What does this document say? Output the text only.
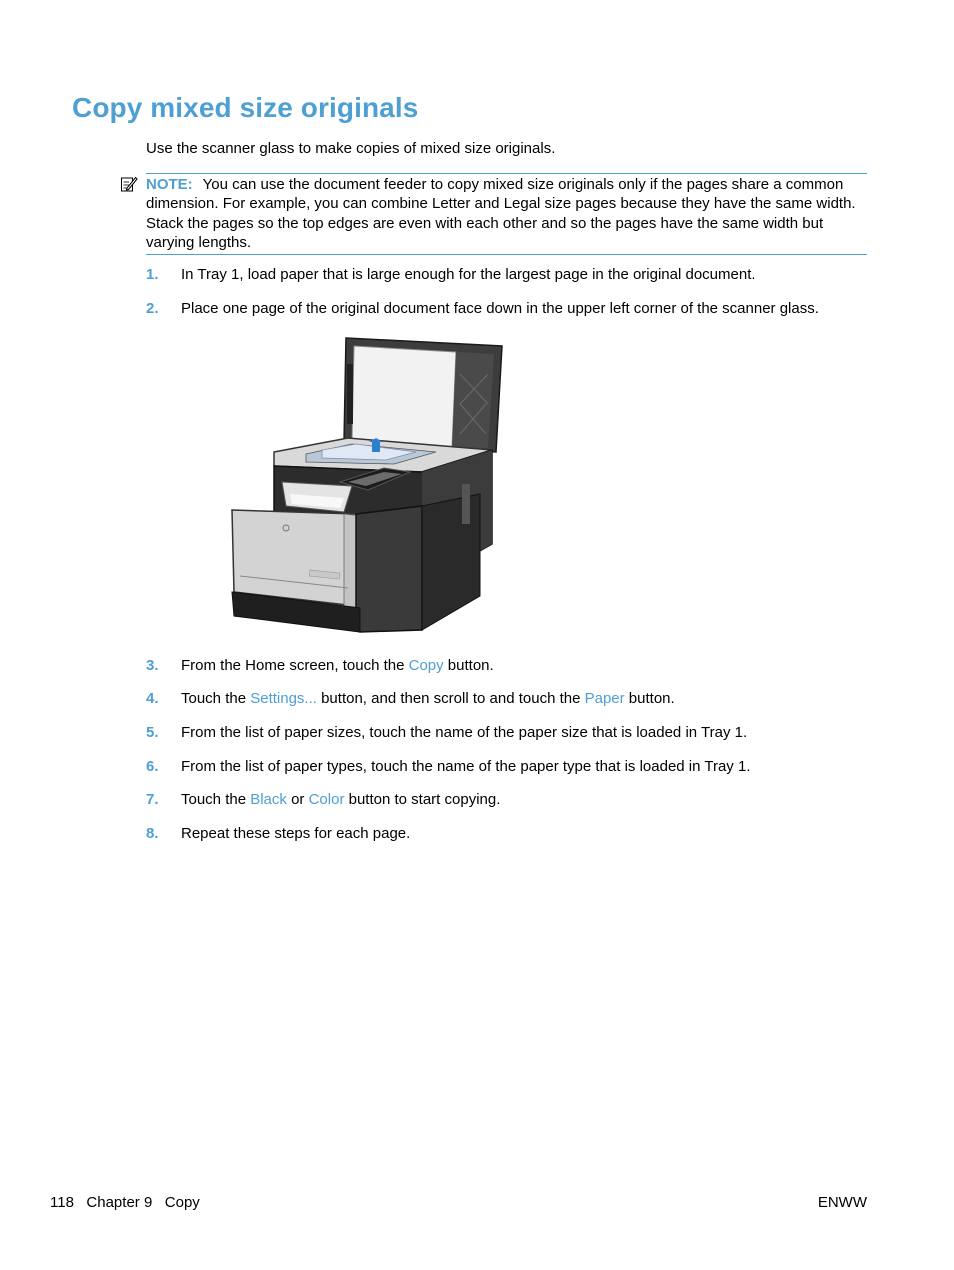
Copy mixed size originals
Use the scanner glass to make copies of mixed size originals.
NOTE: You can use the document feeder to copy mixed size originals only if the pages share a common dimension. For example, you can combine Letter and Legal size pages because they have the same width. Stack the pages so the top edges are even with each other and so the pages have the same width but varying lengths.
1. In Tray 1, load paper that is large enough for the largest page in the original document.
2. Place one page of the original document face down in the upper left corner of the scanner glass.
3. From the Home screen, touch the Copy button.
4. Touch the Settings... button, and then scroll to and touch the Paper button.
5. From the list of paper sizes, touch the name of the paper size that is loaded in Tray 1.
6. From the list of paper types, touch the name of the paper type that is loaded in Tray 1.
7. Touch the Black or Color button to start copying.
8. Repeat these steps for each page.
118   Chapter 9   Copy	ENWW
